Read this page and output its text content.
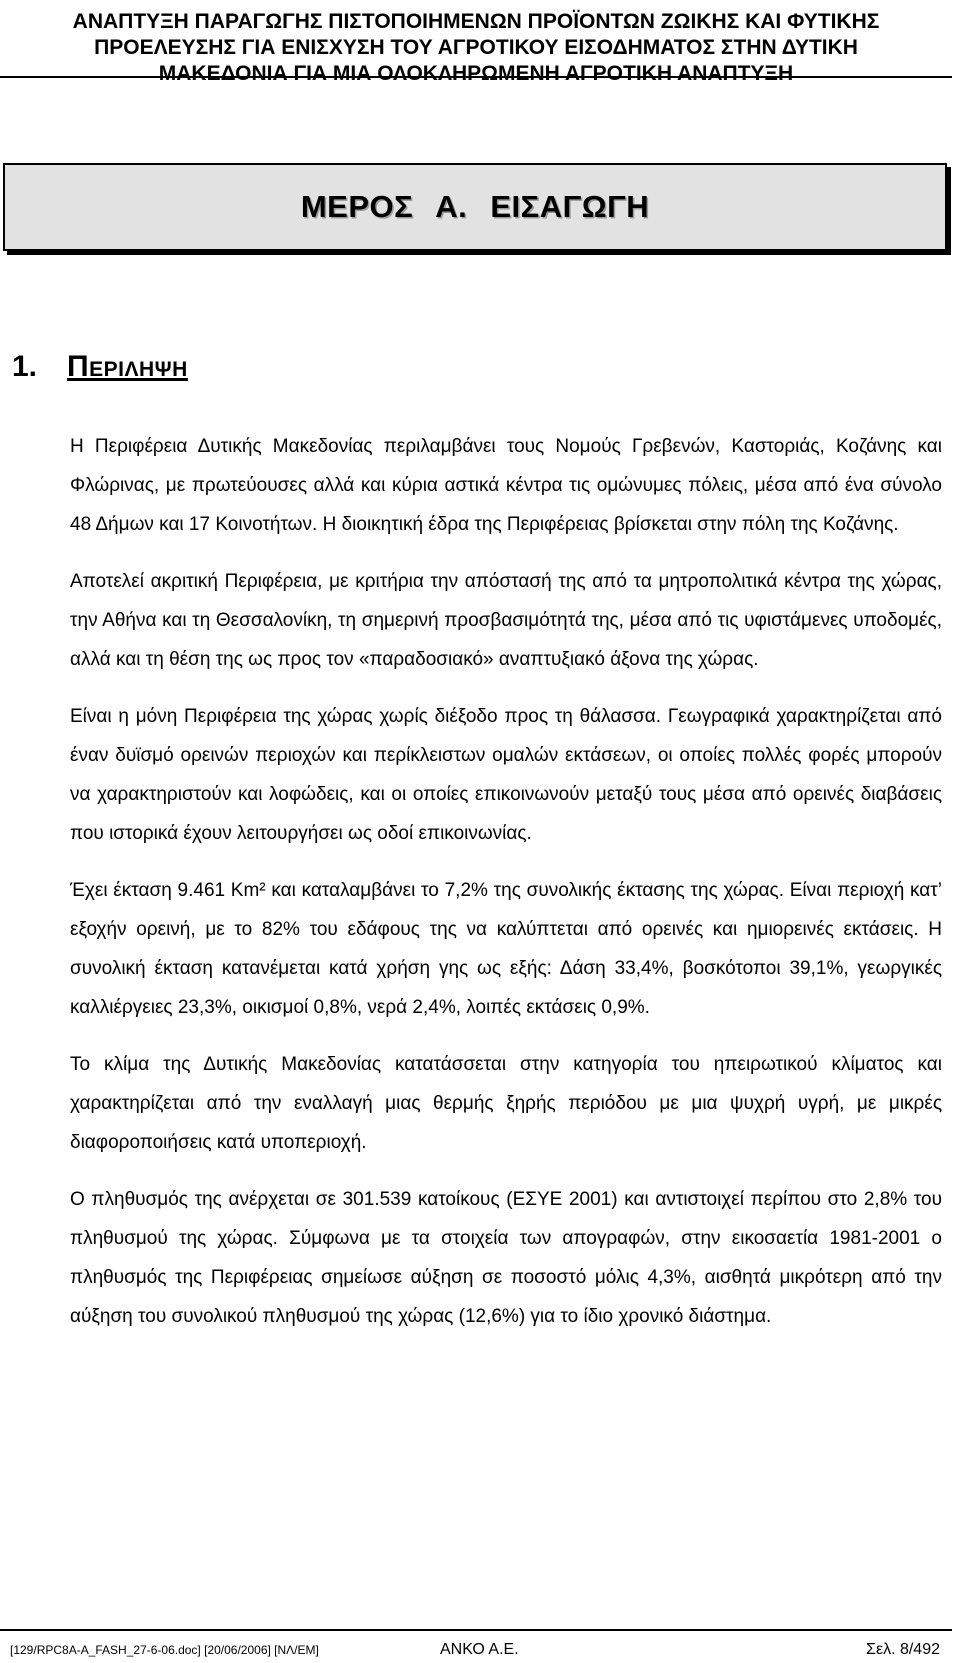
ΑΝΑΠΤΥΞΗ ΠΑΡΑΓΩΓΗΣ ΠΙΣΤΟΠΟΙΗΜΕΝΩΝ ΠΡΟΪΟΝΤΩΝ ΖΩΙΚΗΣ ΚΑΙ ΦΥΤΙΚΗΣ
ΠΡΟΕΛΕΥΣΗΣ ΓΙΑ ΕΝΙΣΧΥΣΗ ΤΟΥ ΑΓΡΟΤΙΚΟΥ ΕΙΣΟΔΗΜΑΤΟΣ ΣΤΗΝ ΔΥΤΙΚΗ
ΜΑΚΕΔΟΝΙΑ ΓΙΑ ΜΙΑ ΟΛΟΚΛΗΡΩΜΕΝΗ ΑΓΡΟΤΙΚΗ ΑΝΑΠΤΥΞΗ
ΜΕΡΟΣ Α. ΕΙΣΑΓΩΓΗ
1. Περιληψη

Η Περιφέρεια Δυτικής Μακεδονίας περιλαμβάνει τους Νομούς Γρεβενών, Καστοριάς, Κοζάνης και Φλώρινας, με πρωτεύουσες αλλά και κύρια αστικά κέντρα τις ομώνυμες πόλεις, μέσα από ένα σύνολο 48 Δήμων και 17 Κοινοτήτων. Η διοικητική έδρα της Περιφέρειας βρίσκεται στην πόλη της Κοζάνης.

Αποτελεί ακριτική Περιφέρεια, με κριτήρια την απόστασή της από τα μητροπολιτικά κέντρα της χώρας, την Αθήνα και τη Θεσσαλονίκη, τη σημερινή προσβασιμότητά της, μέσα από τις υφιστάμενες υποδομές, αλλά και τη θέση της ως προς τον «παραδοσιακό» αναπτυξιακό άξονα της χώρας.

Είναι η μόνη Περιφέρεια της χώρας χωρίς διέξοδο προς τη θάλασσα. Γεωγραφικά χαρακτηρίζεται από έναν δυϊσμό ορεινών περιοχών και περίκλειστων ομαλών εκτάσεων, οι οποίες πολλές φορές μπορούν να χαρακτηριστούν και λοφώδεις, και οι οποίες επικοινωνούν μεταξύ τους μέσα από ορεινές διαβάσεις που ιστορικά έχουν λειτουργήσει ως οδοί επικοινωνίας.

Έχει έκταση 9.461 Km² και καταλαμβάνει το 7,2% της συνολικής έκτασης της χώρας. Είναι περιοχή κατ’ εξοχήν ορεινή, με το 82% του εδάφους της να καλύπτεται από ορεινές και ημιορεινές εκτάσεις. Η συνολική έκταση κατανέμεται κατά χρήση γης ως εξής: Δάση 33,4%, βοσκότοποι 39,1%, γεωργικές καλλιέργειες 23,3%, οικισμοί 0,8%, νερά 2,4%, λοιπές εκτάσεις 0,9%.

Το κλίμα της Δυτικής Μακεδονίας κατατάσσεται στην κατηγορία του ηπειρωτικού κλίματος και χαρακτηρίζεται από την εναλλαγή μιας θερμής ξηρής περιόδου με μια ψυχρή υγρή, με μικρές διαφοροποιήσεις κατά υποπεριοχή.

Ο πληθυσμός της ανέρχεται σε 301.539 κατοίκους (ΕΣΥΕ 2001) και αντιστοιχεί περίπου στο 2,8% του πληθυσμού της χώρας. Σύμφωνα με τα στοιχεία των απογραφών, στην εικοσαετία 1981-2001 ο πληθυσμός της Περιφέρειας σημείωσε αύξηση σε ποσοστό μόλις 4,3%, αισθητά μικρότερη από την αύξηση του συνολικού πληθυσμού της χώρας (12,6%) για το ίδιο χρονικό διάστημα.

[129/RPC8A-A_FASH_27-6-06.doc] [20/06/2006] [ΝΛ/ΕΜ]	ΑΝΚΟ Α.Ε.	Σελ. 8/492
